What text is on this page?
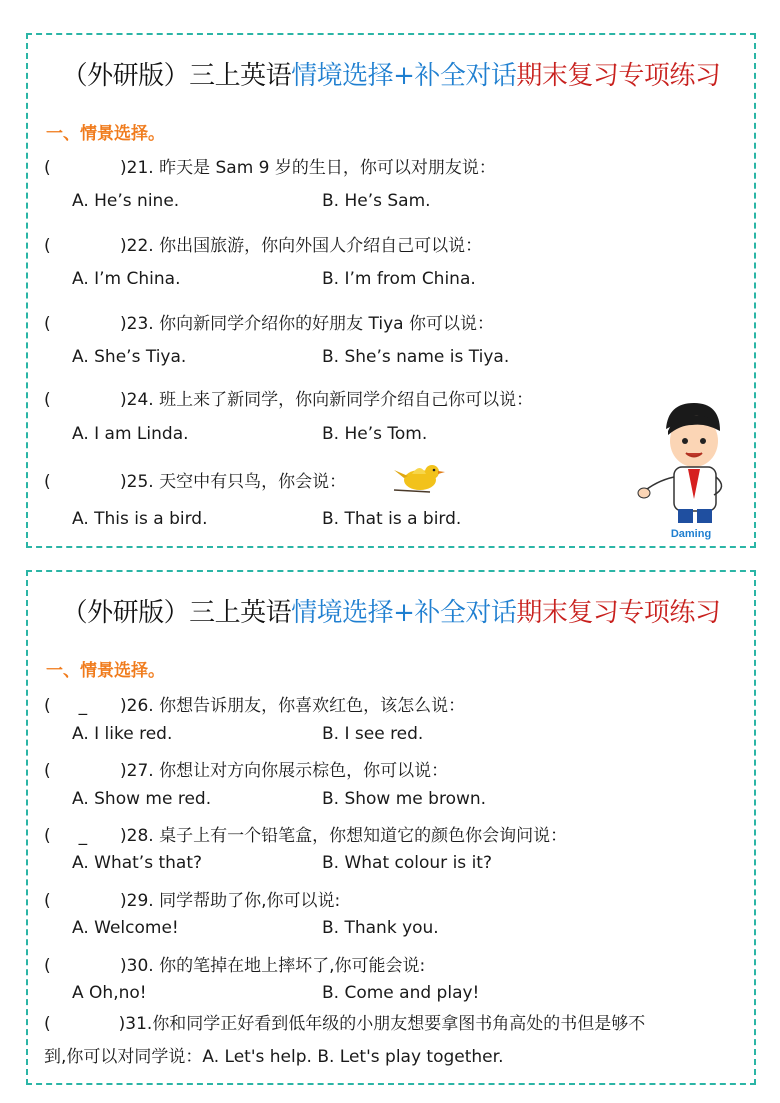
（外研版）三上英语情境选择+补全对话期末复习专项练习
一、情景选择。
(	)21. 昨天是 Sam 9 岁的生日，你可以对朋友说：
A. He’s nine.	B. He’s Sam.
(	)22. 你出国旅游，你向外国人介绍自己可以说：
A. I’m China.	B. I’m from China.
(	)23. 你向新同学介绍你的好朋友 Tiya 你可以说：
A. She’s Tiya.	B. She’s name is Tiya.
(	)24. 班上来了新同学，你向新同学介绍自己你可以说：
A. I am Linda.	B. He’s Tom.
(	)25. 天空中有只鸟，你会说：
A. This is a bird.	B. That is a bird.
Daming
（外研版）三上英语情境选择+补全对话期末复习专项练习
一、情景选择。
( _ )26. 你想告诉朋友，你喜欢红色，该怎么说：
A. I like red.	B. I see red.
(	)27. 你想让对方向你展示棕色，你可以说：
A. Show me red.	B. Show me brown.
( _ )28. 桌子上有一个铅笔盒，你想知道它的颜色你会询问说：
A. What’s that?	B. What colour is it?
(	)29. 同学帮助了你,你可以说:
A. Welcome!	B. Thank you.
(	)30. 你的笔掉在地上摔坏了,你可能会说:
A Oh,no!	B. Come and play!
(	)31.你和同学正好看到低年级的小朋友想要拿图书角高处的书但是够不
到,你可以对同学说：A. Let's help. B. Let's play together.
